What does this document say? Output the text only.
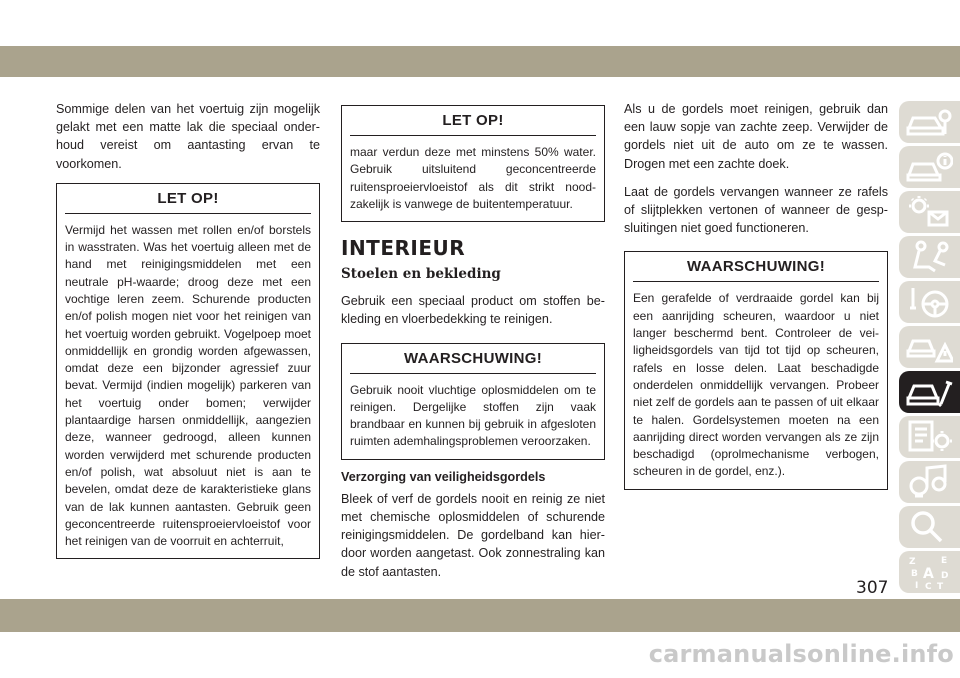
Sommige delen van het voertuig zijn mogelijk gelakt met een matte lak die speciaal onderhoud vereist om aantasting ervan te voorkomen.

LET OP!

Vermijd het wassen met rollen en/of borstels in wasstraten. Was het voertuig alleen met de hand met reinigingsmiddelen met een neutrale pH-waarde; droog deze met een vochtige leren zeem. Schurende producten en/of polish mogen niet voor het reinigen van het voertuig worden gebruikt. Vogelpoep moet onmiddellijk en grondig worden afgewassen, omdat deze een bijzonder agressief zuur bevat. Vermijd (indien mogelijk) parkeren van het voertuig onder bomen; verwijder plantaardige harsen onmiddellijk, aangezien deze, wanneer gedroogd, alleen kunnen worden verwijderd met schurende producten en/of polish, wat absoluut niet is aan te bevelen, omdat deze de karakteristieke glans van de lak kunnen aantasten. Gebruik geen geconcentreerde ruitensproeiervloeistof voor het reinigen van de voorruit en achterruit,

LET OP!

maar verdun deze met minstens 50% water. Gebruik uitsluitend geconcentreerde ruitensproeiervloeistof als dit strikt noodzakelijk is vanwege de buitentemperatuur.

INTERIEUR
Stoelen en bekleding

Gebruik een speciaal product om stoffen bekleding en vloerbedekking te reinigen.

WAARSCHUWING!

Gebruik nooit vluchtige oplosmiddelen om te reinigen. Dergelijke stoffen zijn vaak brandbaar en kunnen bij gebruik in afgesloten ruimten ademhalingsproblemen veroorzaken.

Verzorging van veiligheidsgordels

Bleek of verf de gordels nooit en reinig ze niet met chemische oplosmiddelen of schurende reinigingsmiddelen. De gordelband kan hierdoor worden aangetast. Ook zonnestraling kan de stof aantasten.

Als u de gordels moet reinigen, gebruik dan een lauw sopje van zachte zeep. Verwijder de gordels niet uit de auto om ze te wassen. Drogen met een zachte doek.

Laat de gordels vervangen wanneer ze rafels of slijtplekken vertonen of wanneer de gespsluitingen niet goed functioneren.

WAARSCHUWING!

Een gerafelde of verdraaide gordel kan bij een aanrijding scheuren, waardoor u niet langer beschermd bent. Controleer de veiligheidsgordels van tijd tot tijd op scheuren, rafels en losse delen. Laat beschadigde onderdelen onmiddellijk vervangen. Probeer niet zelf de gordels aan te passen of uit elkaar te halen. Gordelsystemen moeten na een aanrijding direct worden vervangen als ze zijn beschadigd (oprolmechanisme verbogen, scheuren in de gordel, enz.).

Z	E
B A D
I C T
307
carmanualsonline.info
